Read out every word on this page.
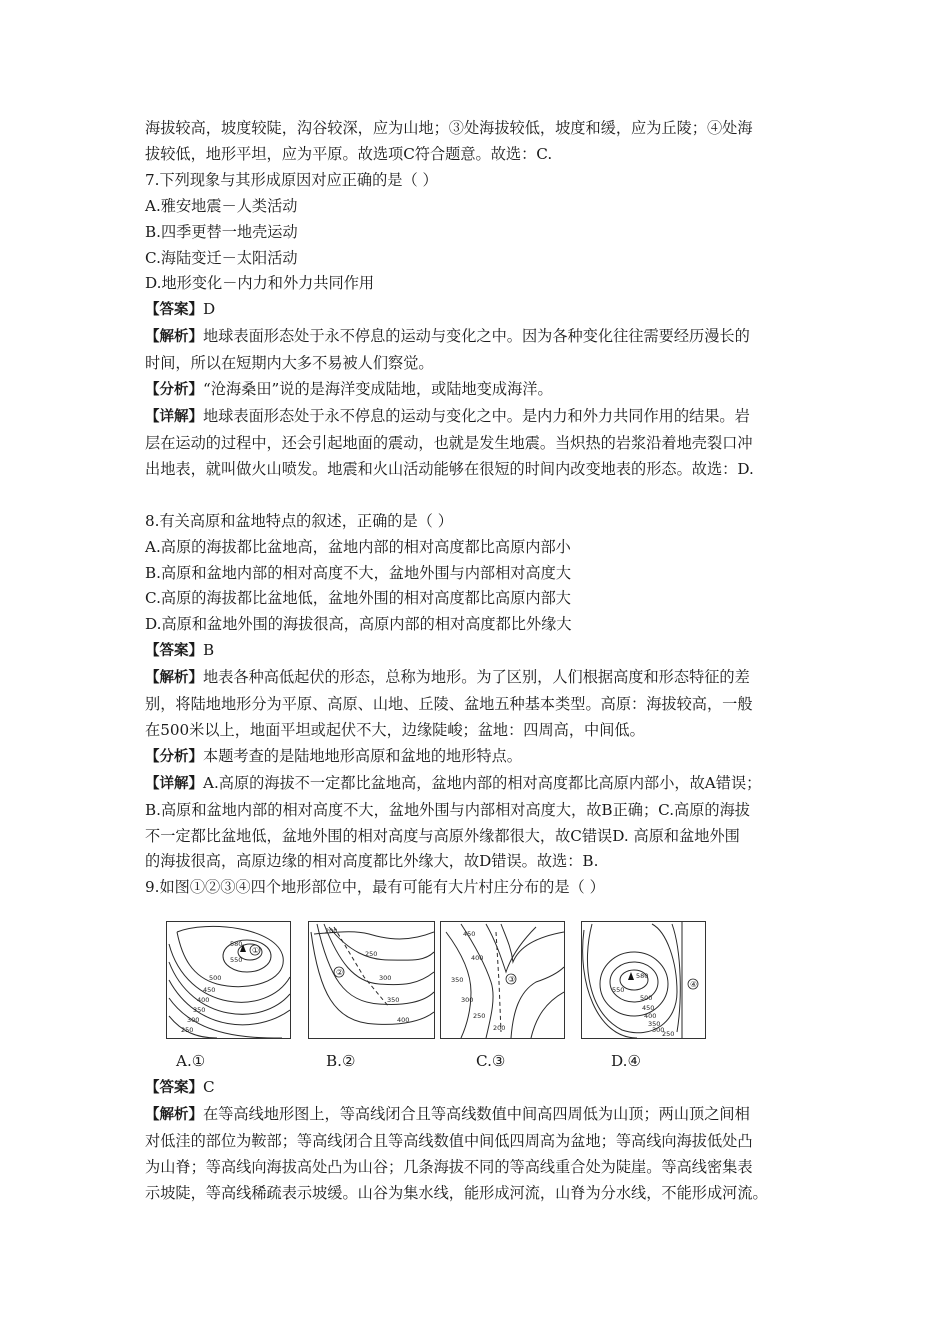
海拔较高，坡度较陡，沟谷较深，应为山地；③处海拔较低，坡度和缓，应为丘陵；④处海
拔较低，地形平坦，应为平原。故选项C符合题意。故选：C.
7.下列现象与其形成原因对应正确的是（ ）
A.雅安地震－人类活动
B.四季更替一地壳运动
C.海陆变迁－太阳活动
D.地形变化－内力和外力共同作用
【答案】D
【解析】地球表面形态处于永不停息的运动与变化之中。因为各种变化往往需要经历漫长的
时间，所以在短期内大多不易被人们察觉。
【分析】“沧海桑田”说的是海洋变成陆地，或陆地变成海洋。
【详解】地球表面形态处于永不停息的运动与变化之中。是内力和外力共同作用的结果。岩
层在运动的过程中，还会引起地面的震动，也就是发生地震。当炽热的岩浆沿着地壳裂口冲
出地表，就叫做火山喷发。地震和火山活动能够在很短的时间内改变地表的形态。故选：D.
8.有关高原和盆地特点的叙述，正确的是（ ）
A.高原的海拔都比盆地高，盆地内部的相对高度都比高原内部小
B.高原和盆地内部的相对高度不大，盆地外围与内部相对高度大
C.高原的海拔都比盆地低，盆地外围的相对高度都比高原内部大
D.高原和盆地外围的海拔很高，高原内部的相对高度都比外缘大
【答案】B
【解析】地表各种高低起伏的形态，总称为地形。为了区别，人们根据高度和形态特征的差
别，将陆地地形分为平原、高原、山地、丘陵、盆地五种基本类型。高原：海拔较高，一般
在500米以上，地面平坦或起伏不大，边缘陡峻；盆地：四周高，中间低。
【分析】本题考查的是陆地地形高原和盆地的地形特点。
【详解】A.高原的海拔不一定都比盆地高，盆地内部的相对高度都比高原内部小，故A错误；
B.高原和盆地内部的相对高度不大，盆地外围与内部相对高度大，故B正确；C.高原的海拔
不一定都比盆地低，盆地外围的相对高度与高原外缘都很大，故C错误D. 高原和盆地外围
的海拔很高，高原边缘的相对高度都比外缘大，故D错误。故选：B.
9.如图①②③④四个地形部位中，最有可能有大片村庄分布的是（ ）
580
550
500
450
400
350
300
250
①
200
250
300
350
400
②
450
400
350
300
250
200
③	580
550
500
450
400
350
300
250
④
A.①	B.②	C.③	D.④
【答案】C
【解析】在等高线地形图上，等高线闭合且等高线数值中间高四周低为山顶；两山顶之间相
对低洼的部位为鞍部；等高线闭合且等高线数值中间低四周高为盆地；等高线向海拔低处凸
为山脊；等高线向海拔高处凸为山谷；几条海拔不同的等高线重合处为陡崖。等高线密集表
示坡陡，等高线稀疏表示坡缓。山谷为集水线，能形成河流，山脊为分水线，不能形成河流。
